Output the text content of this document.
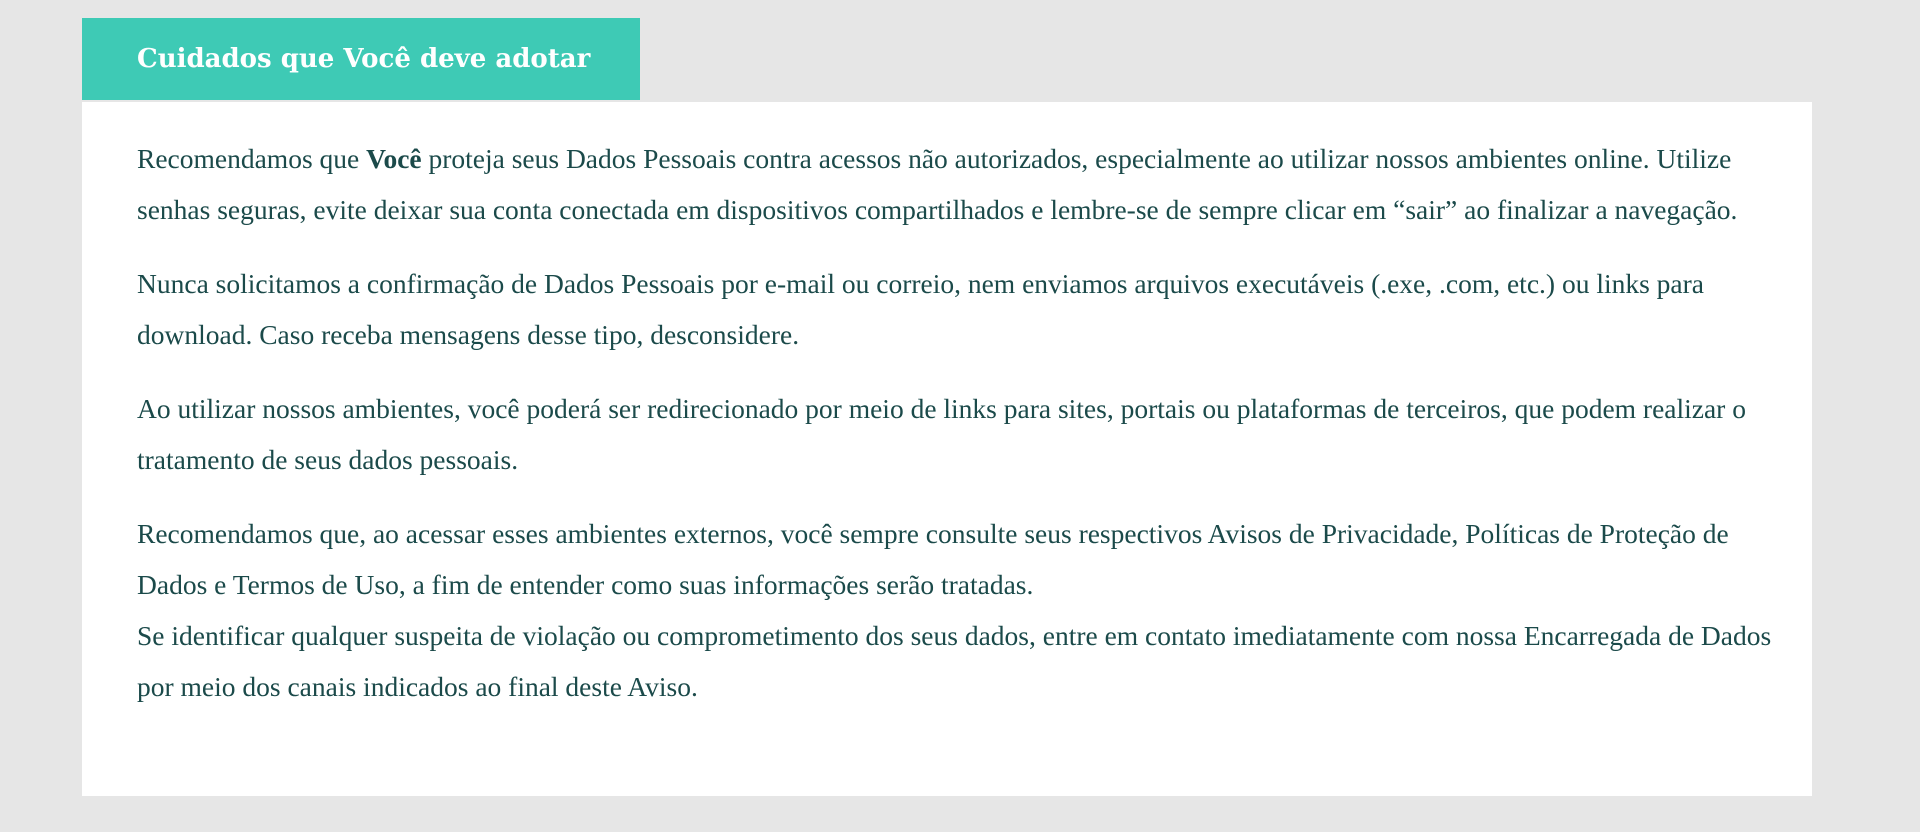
Cuidados que Você deve adotar

Recomendamos que Você proteja seus Dados Pessoais contra acessos não autorizados, especialmente ao utilizar nossos ambientes online. Utilize senhas seguras, evite deixar sua conta conectada em dispositivos compartilhados e lembre-se de sempre clicar em “sair” ao finalizar a navegação.

Nunca solicitamos a confirmação de Dados Pessoais por e-mail ou correio, nem enviamos arquivos executáveis (.exe, .com, etc.) ou links para download. Caso receba mensagens desse tipo, desconsidere.

Ao utilizar nossos ambientes, você poderá ser redirecionado por meio de links para sites, portais ou plataformas de terceiros, que podem realizar o tratamento de seus dados pessoais.

Recomendamos que, ao acessar esses ambientes externos, você sempre consulte seus respectivos Avisos de Privacidade, Políticas de Proteção de Dados e Termos de Uso, a fim de entender como suas informações serão tratadas.

Se identificar qualquer suspeita de violação ou comprometimento dos seus dados, entre em contato imediatamente com nossa Encarregada de Dados por meio dos canais indicados ao final deste Aviso.
